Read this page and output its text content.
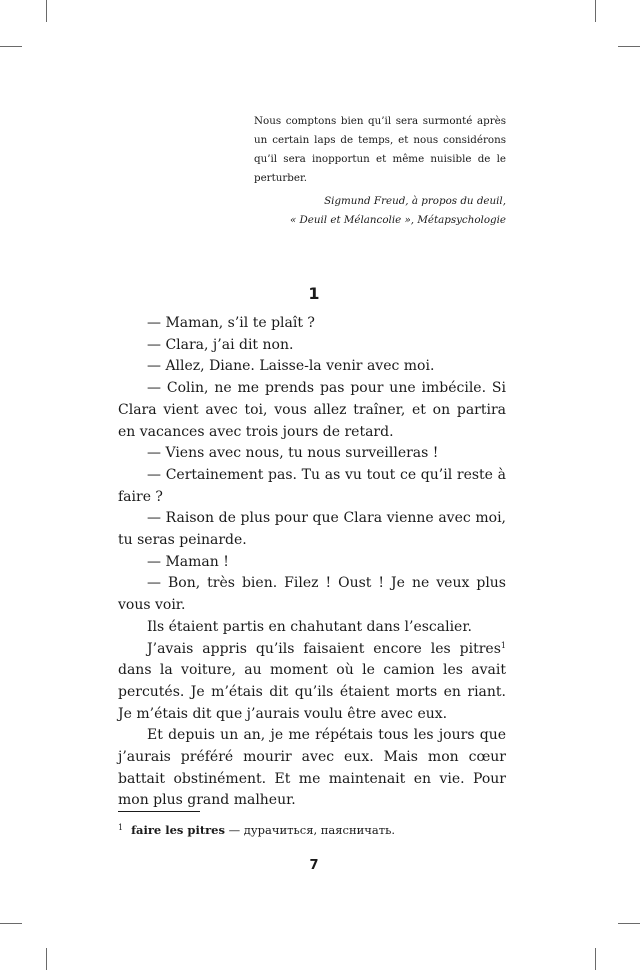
Nous comptons bien qu’il sera surmonté après un certain laps de temps, et nous considérons qu’il sera inopportun et même nuisible de le perturber.

Sigmund Freud, à propos du deuil,

« Deuil et Mélancolie », Métapsychologie

1

— Maman, s’il te plaît ?

— Clara, j’ai dit non.

— Allez, Diane. Laisse-la venir avec moi.

— Colin, ne me prends pas pour une imbécile. Si Clara vient avec toi, vous allez traîner, et on partira en vacances avec trois jours de retard.

— Viens avec nous, tu nous surveilleras !

— Certainement pas. Tu as vu tout ce qu’il reste à faire ?

— Raison de plus pour que Clara vienne avec moi, tu seras peinarde.

— Maman !

— Bon, très bien. Filez ! Oust ! Je ne veux plus vous voir.

Ils étaient partis en chahutant dans l’escalier.

J’avais appris qu’ils faisaient encore les pitres$^1$ dans la voiture, au moment où le camion les avait percutés. Je m’étais dit qu’ils étaient morts en riant. Je m’étais dit que j’aurais voulu être avec eux.

Et depuis un an, je me répétais tous les jours que j’aurais préféré mourir avec eux. Mais mon cœur battait obstinément. Et me maintenait en vie. Pour mon plus grand malheur.

$^1$ faire les pitres — дурачиться, паясничать.
7
